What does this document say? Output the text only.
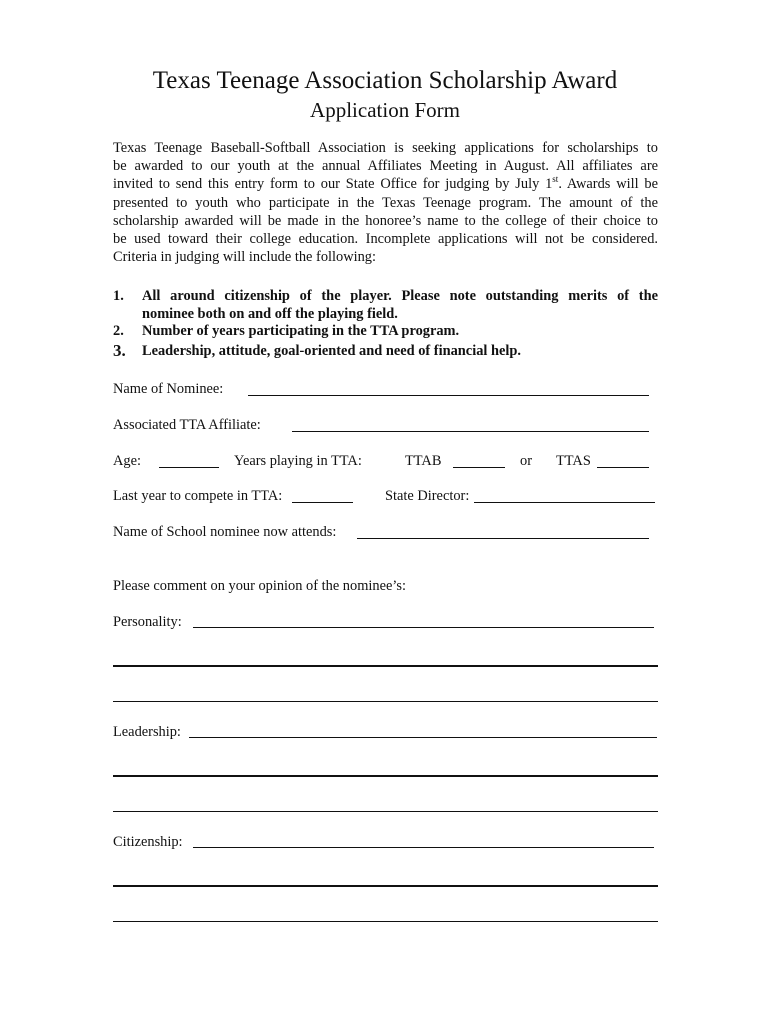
Texas Teenage Association Scholarship Award
Application Form
Texas Teenage Baseball-Softball Association is seeking applications for scholarships to
be awarded to our youth at the annual Affiliates Meeting in August. All affiliates are
invited to send this entry form to our State Office for judging by July 1st. Awards will be
presented to youth who participate in the Texas Teenage program. The amount of the
scholarship awarded will be made in the honoree’s name to the college of their choice to
be used toward their college education. Incomplete applications will not be considered.
Criteria in judging will include the following:
1. All around citizenship of the player. Please note outstanding merits of the
nominee both on and off the playing field.
2. Number of years participating in the TTA program.
3. Leadership, attitude, goal-oriented and need of financial help.
Name of Nominee:
Associated TTA Affiliate:
Age:	Years playing in TTA:	TTAB	or TTAS
Last year to compete in TTA:	State Director:
Name of School nominee now attends:
Please comment on your opinion of the nominee’s:
Personality:
Leadership:
Citizenship:
